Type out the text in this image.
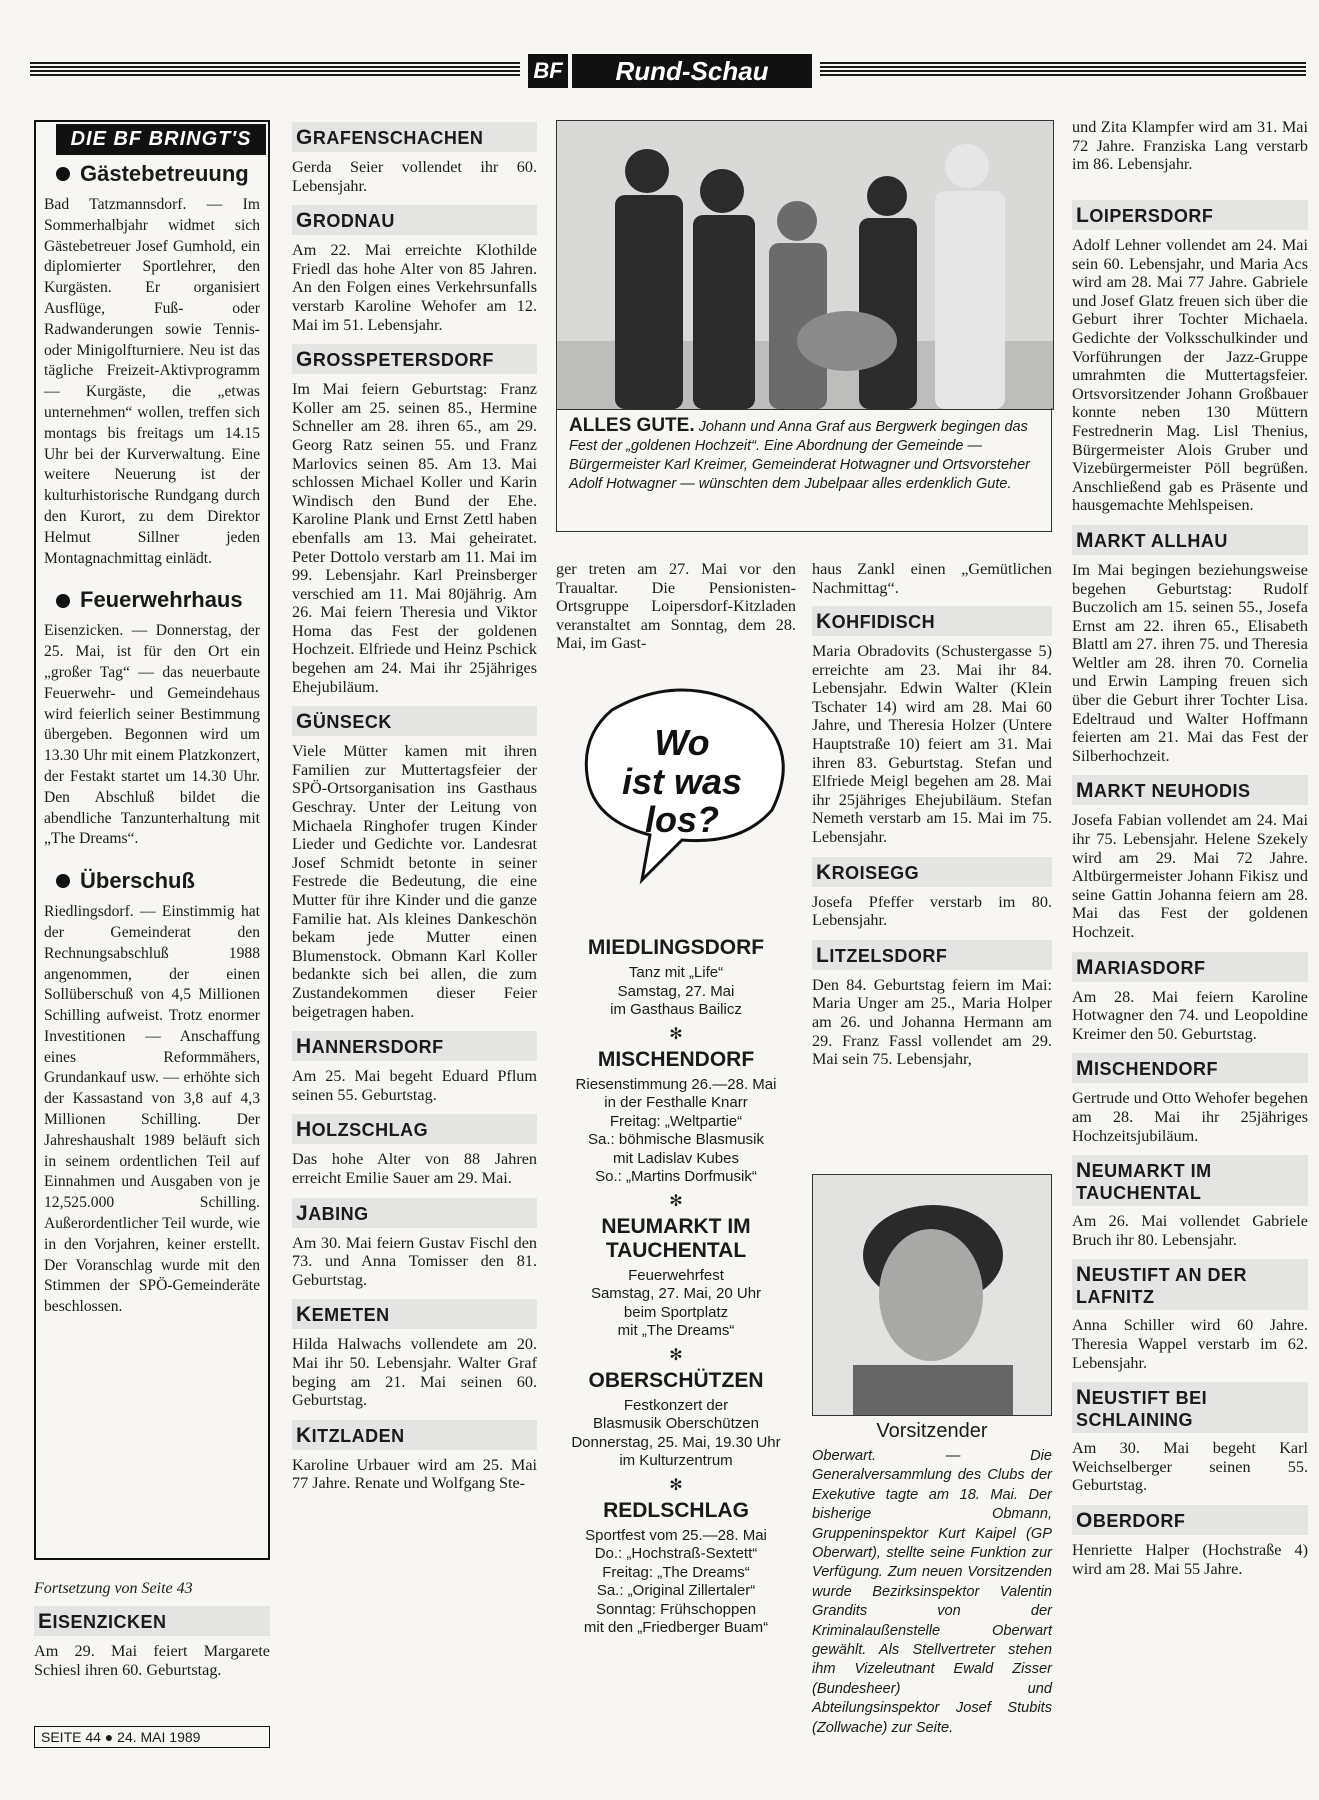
BF	Rund-Schau
DIE BF BRINGT'S
Gästebetreuung
Bad Tatzmannsdorf. — Im Sommerhalbjahr widmet sich Gästebetreuer Josef Gumhold, ein diplomierter Sportlehrer, den Kurgästen. Er organisiert Ausflüge, Fuß- oder Radwanderungen sowie Tennis- oder Minigolfturniere. Neu ist das tägliche Freizeit-Aktivprogramm — Kurgäste, die „etwas unternehmen“ wollen, treffen sich montags bis freitags um 14.15 Uhr bei der Kurverwaltung. Eine weitere Neuerung ist der kulturhistorische Rundgang durch den Kurort, zu dem Direktor Helmut Sillner jeden Montagnachmittag einlädt.
Feuerwehrhaus
Eisenzicken. — Donnerstag, der 25. Mai, ist für den Ort ein „großer Tag“ — das neuerbaute Feuerwehr- und Gemeindehaus wird feierlich seiner Bestimmung übergeben. Begonnen wird um 13.30 Uhr mit einem Platzkonzert, der Festakt startet um 14.30 Uhr. Den Abschluß bildet die abendliche Tanzunterhaltung mit „The Dreams“.
Überschuß
Riedlingsdorf. — Einstimmig hat der Gemeinderat den Rechnungsabschluß 1988 angenommen, der einen Sollüberschuß von 4,5 Millionen Schilling aufweist. Trotz enormer Investitionen — Anschaffung eines Reformmähers, Grundankauf usw. — erhöhte sich der Kassastand von 3,8 auf 4,3 Millionen Schilling. Der Jahreshaushalt 1989 beläuft sich in seinem ordentlichen Teil auf Einnahmen und Ausgaben von je 12,525.000 Schilling. Außerordentlicher Teil wurde, wie in den Vorjahren, keiner erstellt. Der Voranschlag wurde mit den Stimmen der SPÖ-Gemeinderäte beschlossen.
Fortsetzung von Seite 43
EISENZICKEN
Am 29. Mai feiert Margarete Schiesl ihren 60. Geburtstag.
SEITE 44 ● 24. MAI 1989
GRAFENSCHACHEN
Gerda Seier vollendet ihr 60. Lebensjahr.
GRODNAU
Am 22. Mai erreichte Klothilde Friedl das hohe Alter von 85 Jahren. An den Folgen eines Verkehrsunfalls verstarb Karoline Wehofer am 12. Mai im 51. Lebensjahr.
GROSSPETERSDORF
Im Mai feiern Geburtstag: Franz Koller am 25. seinen 85., Hermine Schneller am 28. ihren 65., am 29. Georg Ratz seinen 55. und Franz Marlovics seinen 85. Am 13. Mai schlossen Michael Koller und Karin Windisch den Bund der Ehe. Karoline Plank und Ernst Zettl haben ebenfalls am 13. Mai geheiratet. Peter Dottolo verstarb am 11. Mai im 99. Lebensjahr. Karl Preinsberger verschied am 11. Mai 80jährig. Am 26. Mai feiern Theresia und Viktor Homa das Fest der goldenen Hochzeit. Elfriede und Heinz Pschick begehen am 24. Mai ihr 25jähriges Ehejubiläum.
GÜNSECK
Viele Mütter kamen mit ihren Familien zur Muttertagsfeier der SPÖ-Ortsorganisation ins Gasthaus Geschray. Unter der Leitung von Michaela Ringhofer trugen Kinder Lieder und Gedichte vor. Landesrat Josef Schmidt betonte in seiner Festrede die Bedeutung, die eine Mutter für ihre Kinder und die ganze Familie hat. Als kleines Dankeschön bekam jede Mutter einen Blumenstock. Obmann Karl Koller bedankte sich bei allen, die zum Zustandekommen dieser Feier beigetragen haben.
HANNERSDORF
Am 25. Mai begeht Eduard Pflum seinen 55. Geburtstag.
HOLZSCHLAG
Das hohe Alter von 88 Jahren erreicht Emilie Sauer am 29. Mai.
JABING
Am 30. Mai feiern Gustav Fischl den 73. und Anna Tomisser den 81. Geburtstag.
KEMETEN
Hilda Halwachs vollendete am 20. Mai ihr 50. Lebensjahr. Walter Graf beging am 21. Mai seinen 60. Geburtstag.
KITZLADEN
Karoline Urbauer wird am 25. Mai 77 Jahre. Renate und Wolfgang Ste-
ALLES GUTE. Johann und Anna Graf aus Bergwerk begingen das Fest der „goldenen Hochzeit“. Eine Abordnung der Gemeinde — Bürgermeister Karl Kreimer, Gemeinderat Hotwagner und Ortsvorsteher Adolf Hotwagner — wünschten dem Jubelpaar alles erdenklich Gute.
ger treten am 27. Mai vor den Traualtar. Die Pensionisten-Ortsgruppe Loipersdorf-Kitzladen veranstaltet am Sonntag, dem 28. Mai, im Gast-
Wo
ist was
los?
MIEDLINGSDORF

Tanz mit „Life“

Samstag, 27. Mai

im Gasthaus Bailicz

✻
MISCHENDORF

Riesenstimmung 26.—28. Mai

in der Festhalle Knarr

Freitag: „Weltpartie“

Sa.: böhmische Blasmusik

mit Ladislav Kubes

So.: „Martins Dorfmusik“

✻
NEUMARKT IM TAUCHENTAL

Feuerwehrfest

Samstag, 27. Mai, 20 Uhr

beim Sportplatz

mit „The Dreams“

✻
OBERSCHÜTZEN

Festkonzert der

Blasmusik Oberschützen

Donnerstag, 25. Mai, 19.30 Uhr

im Kulturzentrum

✻
REDLSCHLAG

Sportfest vom 25.—28. Mai

Do.: „Hochstraß-Sextett“

Freitag: „The Dreams“

Sa.: „Original Zillertaler“

Sonntag: Frühschoppen

mit den „Friedberger Buam“

haus Zankl einen „Gemütlichen Nachmittag“.
KOHFIDISCH
Maria Obradovits (Schustergasse 5) erreichte am 23. Mai ihr 84. Lebensjahr. Edwin Walter (Klein Tschater 14) wird am 28. Mai 60 Jahre, und Theresia Holzer (Untere Hauptstraße 10) feiert am 31. Mai ihren 83. Geburtstag. Stefan und Elfriede Meigl begehen am 28. Mai ihr 25jähriges Ehejubiläum. Stefan Nemeth verstarb am 15. Mai im 75. Lebensjahr.
KROISEGG
Josefa Pfeffer verstarb im 80. Lebensjahr.
LITZELSDORF
Den 84. Geburtstag feiern im Mai: Maria Unger am 25., Maria Holper am 26. und Johanna Hermann am 29. Franz Fassl vollendet am 29. Mai sein 75. Lebensjahr,
Vorsitzender
Oberwart. — Die Generalversammlung des Clubs der Exekutive tagte am 18. Mai. Der bisherige Obmann, Gruppeninspektor Kurt Kaipel (GP Oberwart), stellte seine Funktion zur Verfügung. Zum neuen Vorsitzenden wurde Bezirksinspektor Valentin Grandits von der Kriminalaußenstelle Oberwart gewählt. Als Stellvertreter stehen ihm Vizeleutnant Ewald Zisser (Bundesheer) und Abteilungsinspektor Josef Stubits (Zollwache) zur Seite.
und Zita Klampfer wird am 31. Mai 72 Jahre. Franziska Lang verstarb im 86. Lebensjahr.
LOIPERSDORF
Adolf Lehner vollendet am 24. Mai sein 60. Lebensjahr, und Maria Acs wird am 28. Mai 77 Jahre. Gabriele und Josef Glatz freuen sich über die Geburt ihrer Tochter Michaela. Gedichte der Volksschulkinder und Vorführungen der Jazz-Gruppe umrahmten die Muttertagsfeier. Ortsvorsitzender Johann Großbauer konnte neben 130 Müttern Festrednerin Mag. Lisl Thenius, Bürgermeister Alois Gruber und Vizebürgermeister Pöll begrüßen. Anschließend gab es Präsente und hausgemachte Mehlspeisen.
MARKT ALLHAU
Im Mai begingen beziehungsweise begehen Geburtstag: Rudolf Buczolich am 15. seinen 55., Josefa Ernst am 22. ihren 65., Elisabeth Blattl am 27. ihren 75. und Theresia Weltler am 28. ihren 70. Cornelia und Erwin Lamping freuen sich über die Geburt ihrer Tochter Lisa. Edeltraud und Walter Hoffmann feierten am 21. Mai das Fest der Silberhochzeit.
MARKT NEUHODIS
Josefa Fabian vollendet am 24. Mai ihr 75. Lebensjahr. Helene Szekely wird am 29. Mai 72 Jahre. Altbürgermeister Johann Fikisz und seine Gattin Johanna feiern am 28. Mai das Fest der goldenen Hochzeit.
MARIASDORF
Am 28. Mai feiern Karoline Hotwagner den 74. und Leopoldine Kreimer den 50. Geburtstag.
MISCHENDORF
Gertrude und Otto Wehofer begehen am 28. Mai ihr 25jähriges Hochzeitsjubiläum.
NEUMARKT IM TAUCHENTAL
Am 26. Mai vollendet Gabriele Bruch ihr 80. Lebensjahr.
NEUSTIFT AN DER LAFNITZ
Anna Schiller wird 60 Jahre. Theresia Wappel verstarb im 62. Lebensjahr.
NEUSTIFT BEI SCHLAINING
Am 30. Mai begeht Karl Weichselberger seinen 55. Geburtstag.
OBERDORF
Henriette Halper (Hochstraße 4) wird am 28. Mai 55 Jahre.
